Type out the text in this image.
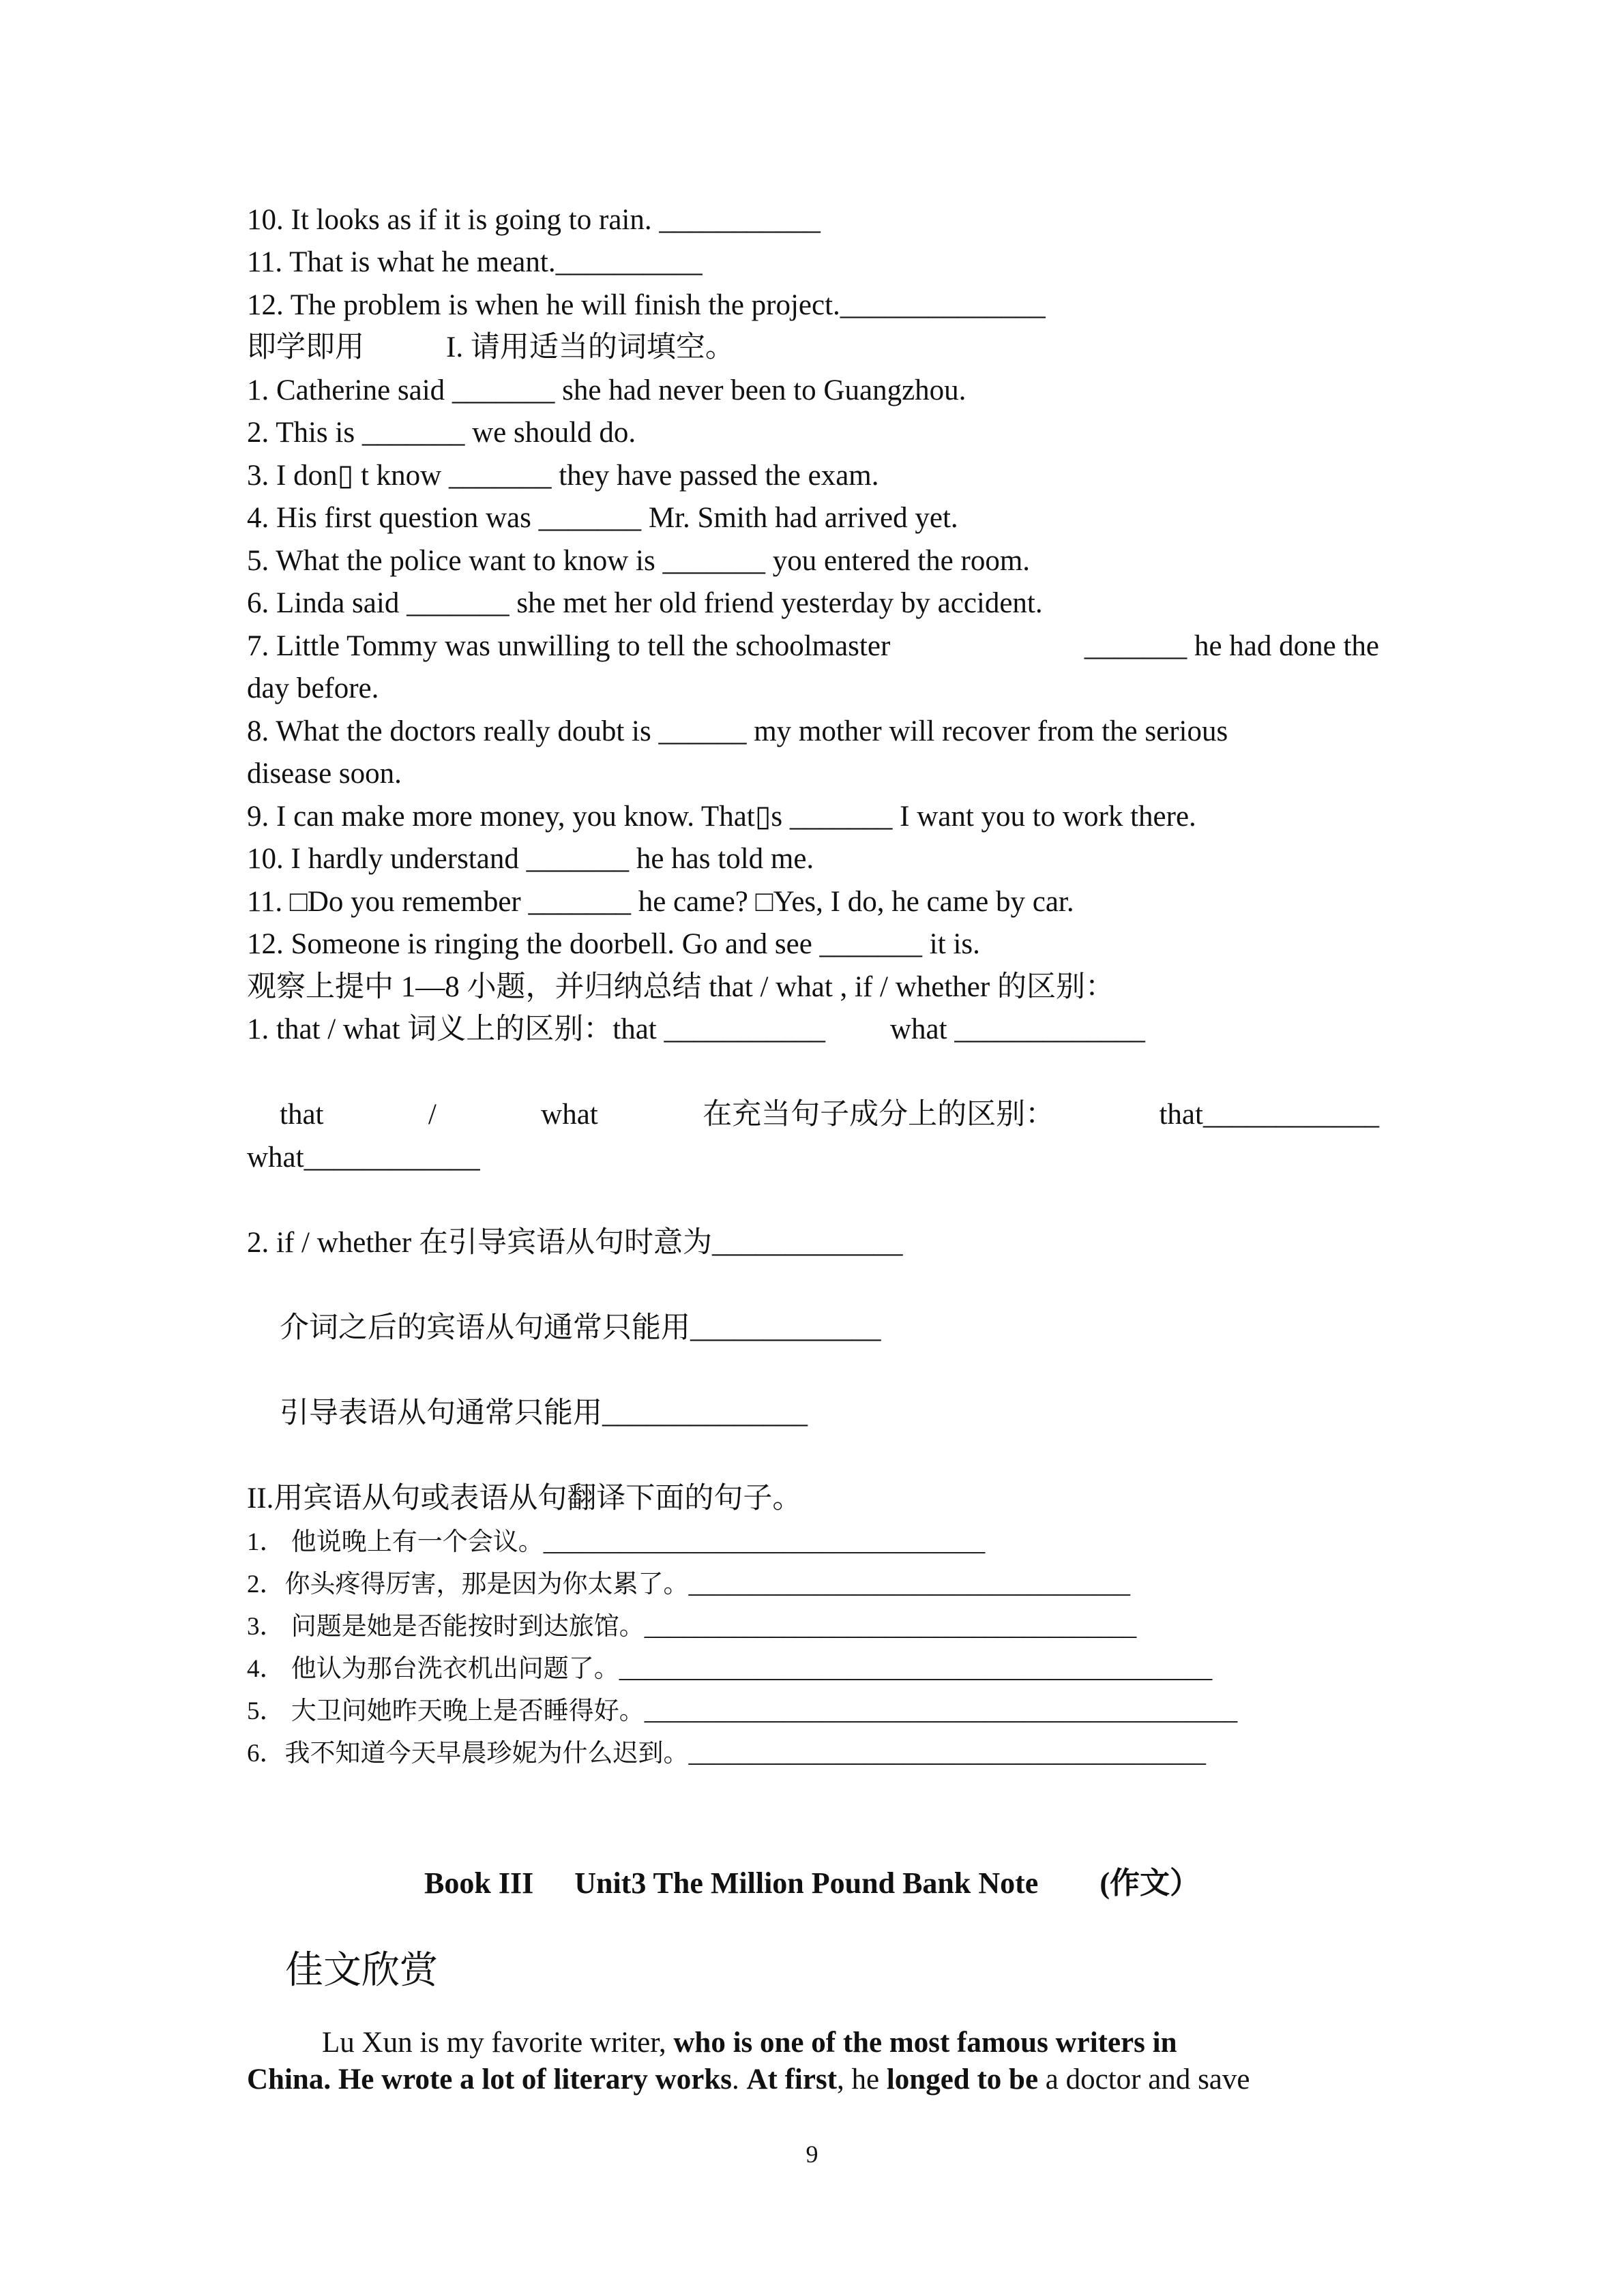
10. It looks as if it is going to rain. ___________
11. That is what he meant.__________
12. The problem is when he will finish the project.______________
即学即用	I. 请用适当的词填空。
1. Catherine said _______ she had never been to Guangzhou.
2. This is _______ we should do.
3. I don▯ t know _______ they have passed the exam.
4. His first question was _______ Mr. Smith had arrived yet.
5. What the police want to know is _______ you entered the room.
6. Linda said _______ she met her old friend yesterday by accident.
7. Little Tommy was unwilling to tell the schoolmaster	_______ he had done the
day before.
8. What the doctors really doubt is ______ my mother will recover from the serious
disease soon.
9. I can make more money, you know. That▯s _______ I want you to work there.
10. I hardly understand _______ he has told me.
11. □Do you remember _______ he came? □Yes, I do, he came by car.
12. Someone is ringing the doorbell. Go and see _______ it is.
观察上提中 1—8 小题，并归纳总结 that / what , if / whether 的区别：
1. that / what 词义上的区别：that ___________ what _____________
that	/	what	在充当句子成分上的区别：	that____________
what____________
2. if / whether 在引导宾语从句时意为_____________
介词之后的宾语从句通常只能用_____________
引导表语从句通常只能用______________
II.用宾语从句或表语从句翻译下面的句子。
1． 他说晚上有一个会议。___________________________________
2．你头疼得厉害，那是因为你太累了。___________________________________
3． 问题是她是否能按时到达旅馆。_______________________________________
4． 他认为那台洗衣机出问题了。_______________________________________________
5． 大卫问她昨天晚上是否睡得好。_______________________________________________
6．我不知道今天早晨珍妮为什么迟到。_________________________________________
Book III Unit3 The Million Pound Bank Note (作文）
佳文欣赏
Lu Xun is my favorite writer, who is one of the most famous writers in
China. He wrote a lot of literary works. At first, he longed to be a doctor and save
9
